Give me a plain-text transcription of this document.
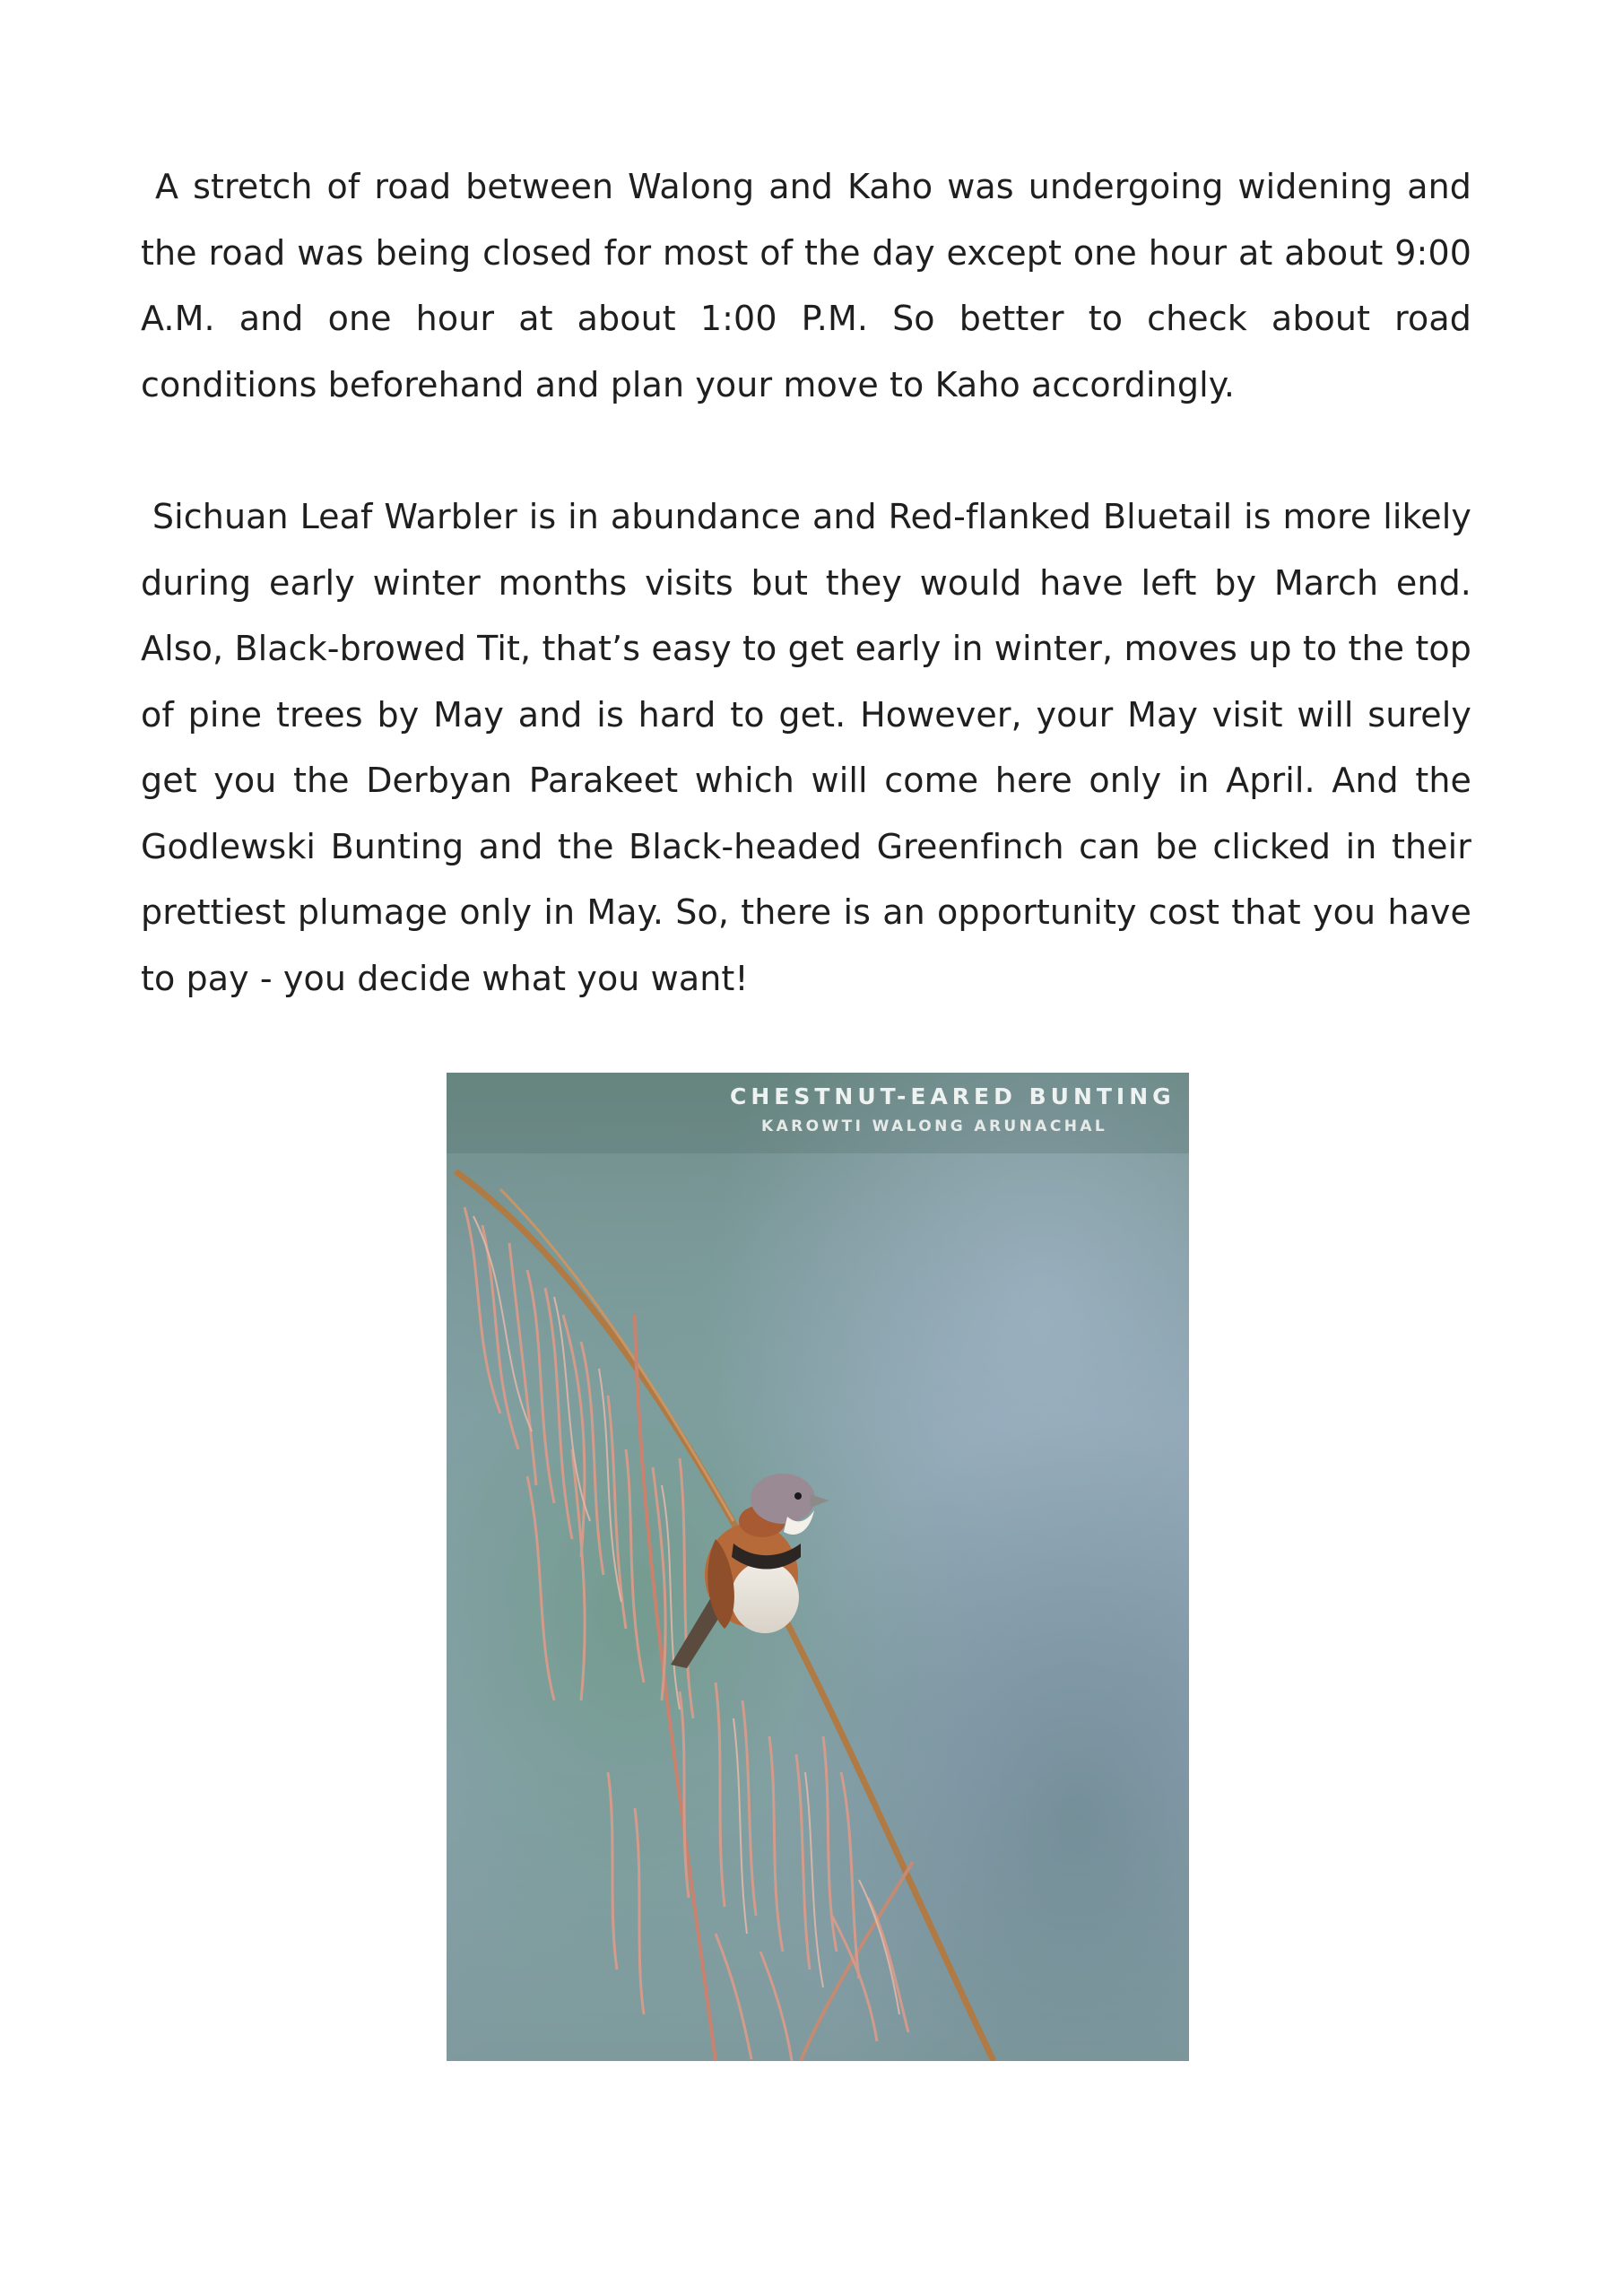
A stretch of road between Walong and Kaho was undergoing widening and the road was being closed for most of the day except one hour at about 9:00 A.M. and one hour at about 1:00 P.M. So better to check about road conditions beforehand and plan your move to Kaho accordingly.

Sichuan Leaf Warbler is in abundance and Red-flanked Bluetail is more likely during early winter months visits but they would have left by March end. Also, Black-browed Tit, that’s easy to get early in winter, moves up to the top of pine trees by May and is hard to get. However, your May visit will surely get you the Derbyan Parakeet which will come here only in April. And the Godlewski Bunting and the Black-headed Greenfinch can be clicked in their prettiest plumage only in May. So, there is an opportunity cost that you have to pay - you decide what you want!

CHESTNUT-EARED BUNTING
KAROWTI WALONG ARUNACHAL
